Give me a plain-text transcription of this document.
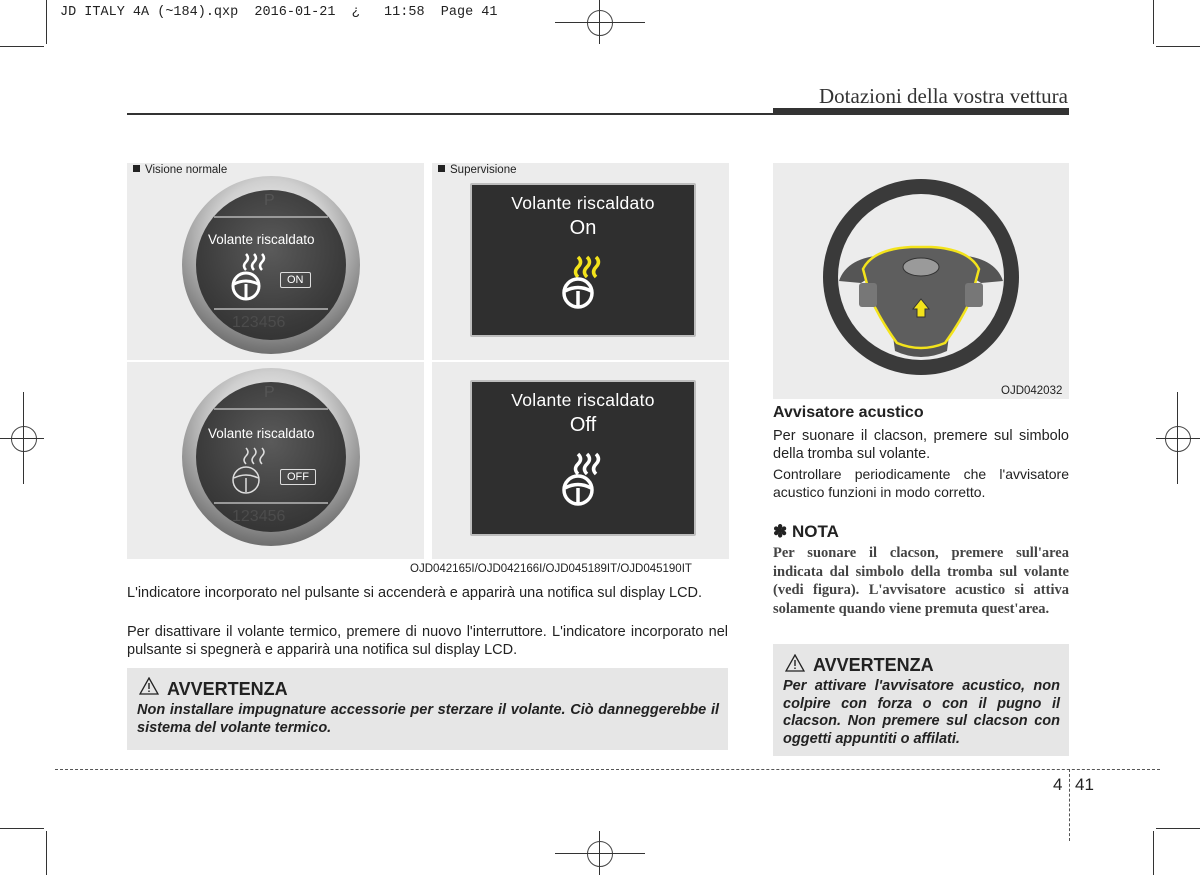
JD ITALY 4A (~184).qxp  2016-01-21  ¿   11:58  Page 41
Dotazioni della vostra vettura
Visione normale
P
Volante riscaldato
ON
123456
Supervisione
Volante riscaldato
On
P
Volante riscaldato
OFF
123456
Volante riscaldato
Off
OJD042165I/OJD042166I/OJD045189IT/OJD045190IT
L'indicatore incorporato nel pulsante si accenderà e apparirà una notifica sul display LCD.
Per disattivare il volante termico, premere di nuovo l'interruttore. L'indicatore incorporato nel pulsante si spegnerà e apparirà una notifica sul display LCD.
AVVERTENZA
Non installare impugnature accessorie per sterzare il volante. Ciò danneggerebbe il sistema del volante termico.
OJD042032
Avvisatore acustico
Per suonare il clacson, premere sul simbolo della tromba sul volante.
Controllare periodicamente che l'avvisatore acustico funzioni in modo corretto.
✽ NOTA
Per suonare il clacson, premere sull'area indicata dal simbolo della tromba sul volante (vedi figura). L'avvisatore acustico si attiva solamente quando viene premuta quest'area.
AVVERTENZA
Per attivare l'avvisatore acustico, non colpire con forza o con il pugno il clacson. Non premere sul clacson con oggetti appuntiti o affilati.
4 41
